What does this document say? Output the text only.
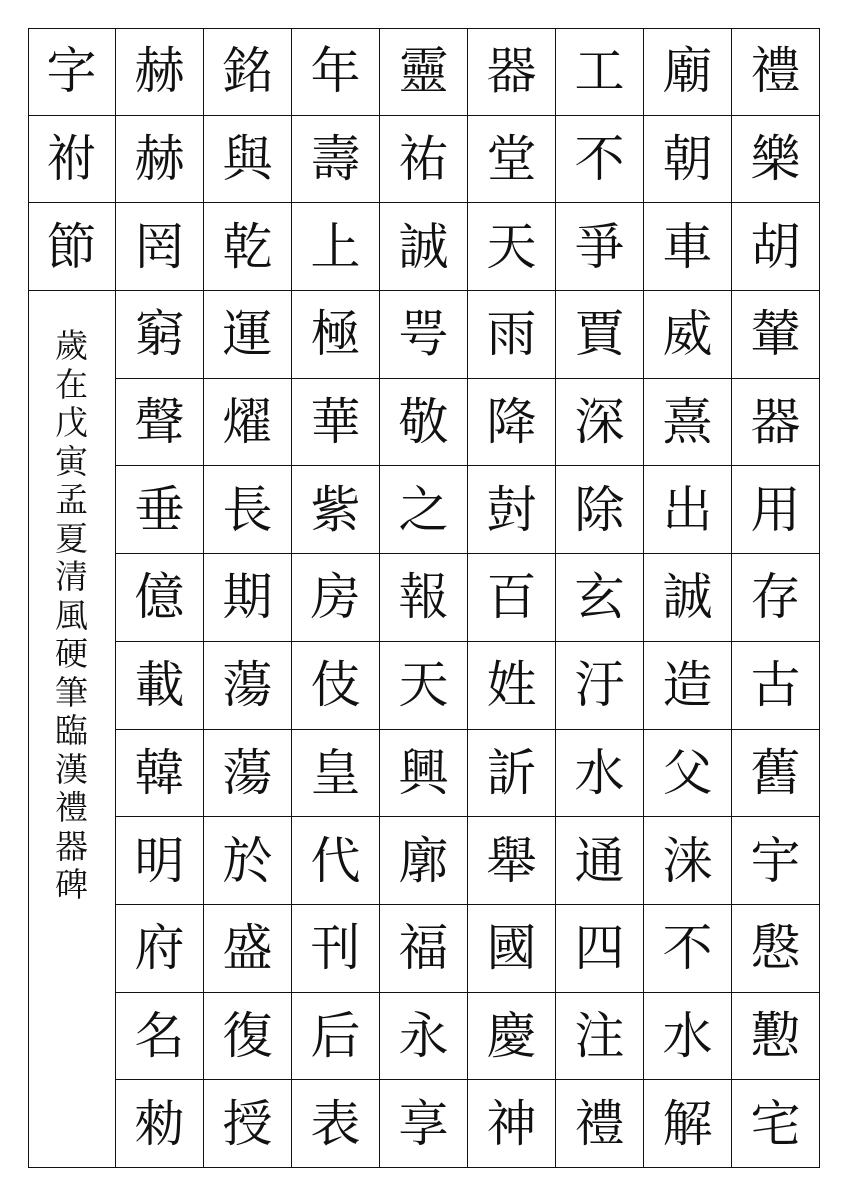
字
祔
節
赫
赫
罔
銘
與
乾
年
壽
上
靈
祐
誠
器
堂
天
工
不
爭
廟
朝
車
禮
樂
胡
窮
聲
垂
億
載
韓
明
府
名
勑
運
燿
長
期
蕩
蕩
於
盛
復
授
極
華
紫
房
伎
皇
代
刊
后
表
咢
敬
之
報
天
興
廓
福
永
享
雨
降
尌
百
姓
訢
舉
國
慶
神
賈
深
除
玄
汙
水
通
四
注
禮
威
熹
出
誠
造
父
涞
不
水
解
輦
器
用
存
古
舊
宇
慇
懃
宅
歲
在
戊
寅
孟
夏
清
風
硬
筆
臨
漢
禮
器
碑
